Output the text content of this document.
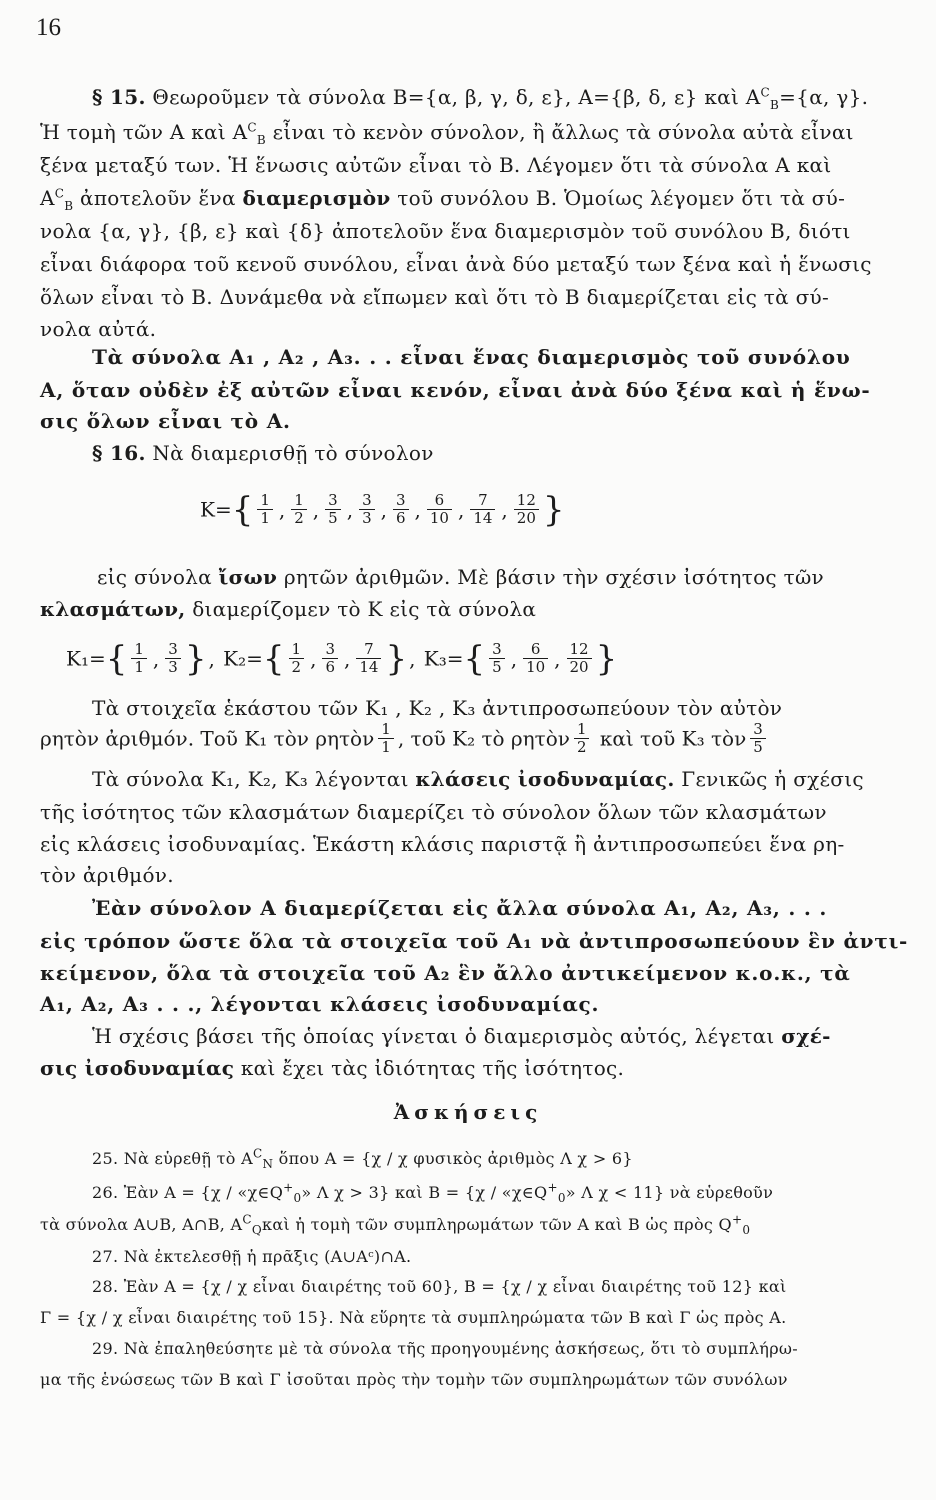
16
§ 15. Θεωροῦμεν τὰ σύνολα Β={α, β, γ, δ, ε}, Α={β, δ, ε} καὶ $A^C_B=\{\alpha$, γ}.
Ἡ τομὴ τῶν Α καὶ $A^C_B$ εἶναι τὸ κενὸν σύνολον, ἢ ἄλλως τὰ σύνολα αὐτὰ εἶναι
ξένα μεταξύ των. Ἡ ἕνωσις αὐτῶν εἶναι τὸ Β. Λέγομεν ὅτι τὰ σύνολα Α καὶ
$A^C_B$ ἀποτελοῦν ἕνα διαμερισμὸν τοῦ συνόλου Β. Ὁμοίως λέγομεν ὅτι τὰ σύ-
νολα {α, γ}, {β, ε} καὶ {δ} ἀποτελοῦν ἕνα διαμερισμὸν τοῦ συνόλου Β, διότι
εἶναι διάφορα τοῦ κενοῦ συνόλου, εἶναι ἀνὰ δύο μεταξύ των ξένα καὶ ἡ ἕνωσις
ὅλων εἶναι τὸ Β. Δυνάμεθα νὰ εἴπωμεν καὶ ὅτι τὸ Β διαμερίζεται εἰς τὰ σύ-
νολα αὐτά.
Τὰ σύνολα Α₁ , Α₂ , Α₃. . . εἶναι ἕνας διαμερισμὸς τοῦ συνόλου
Α, ὅταν οὐδὲν ἐξ αὐτῶν εἶναι κενόν, εἶναι ἀνὰ δύο ξένα καὶ ἡ ἕνω-
σις ὅλων εἶναι τὸ Α.
§ 16. Νὰ διαμερισθῇ τὸ σύνολον
$K=\{ \frac{1}{1}$ , $\frac{1}{2}$ , $\frac{3}{5}$ , $\frac{3}{3}$ , $\frac{3}{6}$ , $\frac{6}{10}$ , $\frac{7}{14}$ , $\frac{12}{20}$ }
εἰς σύνολα ἴσων ρητῶν ἀριθμῶν. Μὲ βάσιν τὴν σχέσιν ἰσότητος τῶν
κλασμάτων, διαμερίζομεν τὸ Κ εἰς τὰ σύνολα
$K_1=\{ \frac{1}{1}$ , $\frac{3}{3}$ } , $K_2=\{ \frac{1}{2}$ , $\frac{3}{6}$ , $\frac{7}{14}$ } , $K_3=\{ \frac{3}{5}$ , $\frac{6}{10}$ , $\frac{12}{20}$ }
Τὰ στοιχεῖα ἑκάστου τῶν Κ₁ , Κ₂ , Κ₃ ἀντιπροσωπεύουν τὸν αὐτὸν
ρητὸν ἀριθμόν. Τοῦ Κ₁ τὸν ρητὸν $\frac{1}{1}$ , τοῦ Κ₂ τὸ ρητὸν $\frac{1}{2}$ καὶ τοῦ Κ₃ τὸν $\frac{3}{5}$
Τὰ σύνολα Κ₁, Κ₂, Κ₃ λέγονται κλάσεις ἰσοδυναμίας. Γενικῶς ἡ σχέσις
τῆς ἰσότητος τῶν κλασμάτων διαμερίζει τὸ σύνολον ὅλων τῶν κλασμάτων
εἰς κλάσεις ἰσοδυναμίας. Ἑκάστη κλάσις παριστᾷ ἢ ἀντιπροσωπεύει ἕνα ρη-
τὸν ἀριθμόν.
Ἐὰν σύνολον Α διαμερίζεται εἰς ἄλλα σύνολα Α₁, Α₂, Α₃, . . .
εἰς τρόπον ὥστε ὅλα τὰ στοιχεῖα τοῦ Α₁ νὰ ἀντιπροσωπεύουν ἓν ἀντι-
κείμενον, ὅλα τὰ στοιχεῖα τοῦ Α₂ ἓν ἄλλο ἀντικείμενον κ.ο.κ., τὰ
Α₁, Α₂, Α₃ . . ., λέγονται κλάσεις ἰσοδυναμίας.
Ἡ σχέσις βάσει τῆς ὁποίας γίνεται ὁ διαμερισμὸς αὐτός, λέγεται σχέ-
σις ἰσοδυναμίας καὶ ἔχει τὰς ἰδιότητας τῆς ἰσότητος.
Ἀσκήσεις
25. Νὰ εὑρεθῇ τὸ $A^C_N$ ὅπου Α = {χ / χ φυσικὸς ἀριθμὸς Λ χ > 6}
26. Ἐὰν $A = \{\chi / «\chi\in Q^+_0$» Λ χ > 3} καὶ $B = \{\chi / «\chi\in Q^+_0$» Λ χ < 11} νὰ εὑρεθοῦν
τὰ σύνολα Α∪Β, Α∩Β, $A^C_Q\kappa\alpha ὶ$ ἡ τομὴ τῶν συμπληρωμάτων τῶν Α καὶ Β ὡς πρὸς $Q^+_0$
27. Νὰ ἐκτελεσθῇ ἡ πρᾶξις (Α∪Αᶜ)∩Α.
28. Ἐὰν Α = {χ / χ εἶναι διαιρέτης τοῦ 60}, Β = {χ / χ εἶναι διαιρέτης τοῦ 12} καὶ
Γ = {χ / χ εἶναι διαιρέτης τοῦ 15}. Νὰ εὕρητε τὰ συμπληρώματα τῶν Β καὶ Γ ὡς πρὸς Α.
29. Νὰ ἐπαληθεύσητε μὲ τὰ σύνολα τῆς προηγουμένης ἀσκήσεως, ὅτι τὸ συμπλήρω-
μα τῆς ἑνώσεως τῶν Β καὶ Γ ἰσοῦται πρὸς τὴν τομὴν τῶν συμπληρωμάτων τῶν συνόλων
